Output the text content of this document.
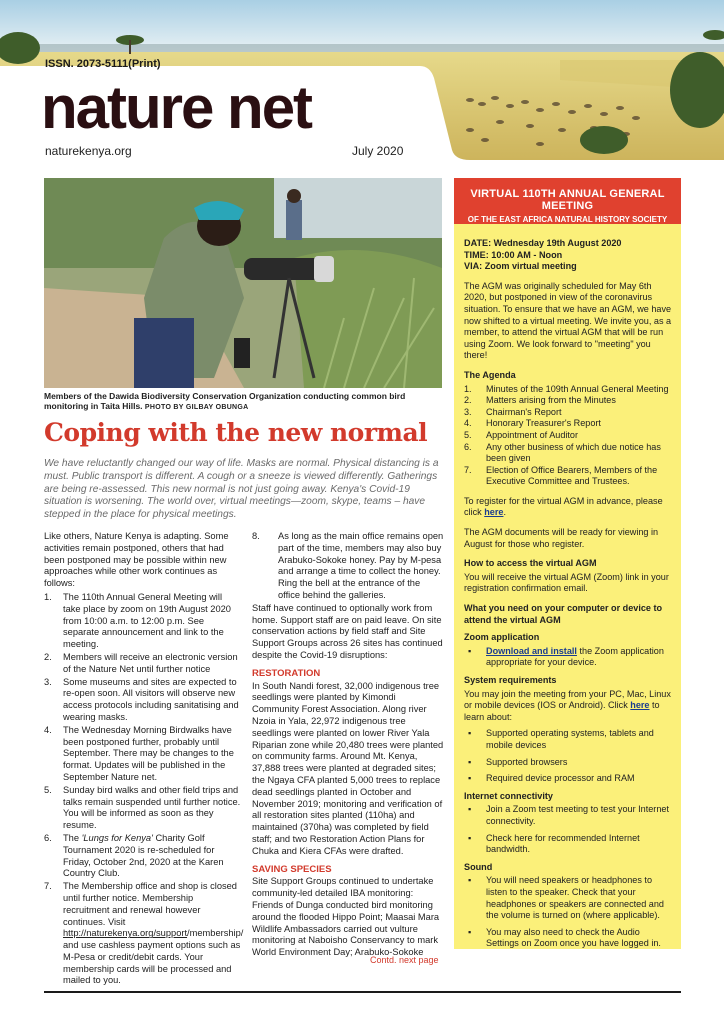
ISSN. 2073-5111(Print)
nature net
naturekenya.org	July 2020
Members of the Dawida Biodiversity Conservation Organization conducting common bird monitoring in Taita Hills. PHOTO BY GILBAY OBUNGA
Coping with the new normal
We have reluctantly changed our way of life. Masks are normal. Physical distancing is a must. Public transport is different. A cough or a sneeze is viewed differently. Gatherings are being re-assessed. This new normal is not just going away. Kenya's Covid-19 situation is worsening. The world over, virtual meetings—zoom, skype, teams – have stepped in the place for physical meetings.

Like others, Nature Kenya is adapting. Some activities remain postponed, others that had been postponed may be possible within new approaches while other work continues as follows:

1. The 110th Annual General Meeting will take place by zoom on 19th August 2020 from 10:00 a.m. to 12:00 p.m. See separate announcement and link to the meeting.
2. Members will receive an electronic version of the Nature Net until further notice
3. Some museums and sites are expected to re-open soon. All visitors will observe new access protocols including sanitatising and wearing masks.
4. The Wednesday Morning Birdwalks have been postponed further, probably until September. There may be changes to the format. Updates will be published in the September Nature net.
5. Sunday bird walks and other field trips and talks remain suspended until further notice. You will be informed as soon as they resume.
6. The 'Lungs for Kenya' Charity Golf Tournament 2020 is re-scheduled for Friday, October 2nd, 2020 at the Karen Country Club.
7. The Membership office and shop is closed until further notice. Membership recruitment and renewal however continues. Visit http://naturekenya.org/support/membership/ and use cashless payment options such as M-Pesa or credit/debit cards. Your membership cards will be processed and mailed to you.
8. As long as the main office remains open part of the time, members may also buy Arabuko-Sokoke honey. Pay by M-pesa and arrange a time to collect the honey. Ring the bell at the entrance of the office behind the galleries.

Staff have continued to optionally work from home. Support staff are on paid leave. On site conservation actions by field staff and Site Support Groups across 26 sites has continued despite the Covid-19 disruptions:

RESTORATION

In South Nandi forest, 32,000 indigenous tree seedlings were planted by Kimondi Community Forest Association. Along river Nzoia in Yala, 22,972 indigenous tree seedlings were planted on lower River Yala Riparian zone while 20,480 trees were planted on community farms. Around Mt. Kenya, 37,888 trees were planted at degraded sites; the Ngaya CFA planted 5,000 trees to replace dead seedlings planted in October and November 2019; monitoring and verification of all restoration sites planted (110ha) and maintained (370ha) was completed by field staff; and two Restoration Action Plans for Chuka and Kiera CFAs were drafted.

SAVING SPECIES

Site Support Groups continued to undertake community-led detailed IBA monitoring: Friends of Dunga conducted bird monitoring around the flooded Hippo Point; Maasai Mara Wildlife Ambassadors carried out vulture monitoring at Naboisho Conservancy to mark World Environment Day; Arabuko-Sokoke

Contd. next page
VIRTUAL 110TH ANNUAL GENERAL MEETING
OF THE EAST AFRICA NATURAL HISTORY SOCIETY

DATE: Wednesday 19th August 2020
TIME: 10:00 AM - Noon
VIA: Zoom virtual meeting

The AGM was originally scheduled for May 6th 2020, but postponed in view of the coronavirus situation. To ensure that we have an AGM, we have now shifted to a virtual meeting. We invite you, as a member, to attend the virtual AGM that will be run using Zoom. We look forward to "meeting" you there!

The Agenda
1. Minutes of the 109th Annual General Meeting
2. Matters arising from the Minutes
3. Chairman's Report
4. Honorary Treasurer's Report
5. Appointment of Auditor
6. Any other business of which due notice has been given
7. Election of Office Bearers, Members of the Executive Committee and Trustees.

To register for the virtual AGM in advance, please click here.

The AGM documents will be ready for viewing in August for those who register.

How to access the virtual AGM

You will receive the virtual AGM (Zoom) link in your registration confirmation email.

What you need on your computer or device to attend the virtual AGM
Zoom application
▪ Download and install the Zoom application appropriate for your device.
System requirements

You may join the meeting from your PC, Mac, Linux or mobile devices (IOS or Android). Click here to learn about:

▪ Supported operating systems, tablets and mobile devices
▪ Supported browsers
▪ Required device processor and RAM
Internet connectivity
▪ Join a Zoom test meeting to test your Internet connectivity.
▪ Check here for recommended Internet bandwidth.
Sound
▪ You will need speakers or headphones to listen to the speaker. Check that your headphones or speakers are connected and the volume is turned on (where applicable).
▪ You may also need to check the Audio Settings on Zoom once you have logged in.
